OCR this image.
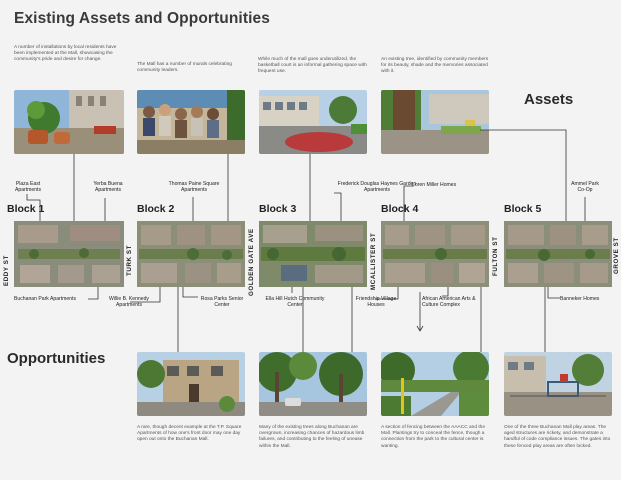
Existing Assets and Opportunities
A number of installations by local residents have been implemented at the Mall, showcasing the community's pride and desire for change.
The Mall has a number of murals celebrating community leaders.
While much of the mall goes underutilized, the basketball court is an informal gathering space with frequent use.
An existing tree, identified by community members for its beauty, shade and the memories associated with it.
Assets
Plaza East Apartments
Yerba Buena Apartments
Thomas Paine Square Apartments
Frederick Douglas Haynes Garden Apartments
Loren Miller Homes	Ammel Park Co-Op
Block 1	Block 2	Block 3	Block 4	Block 5
EDDY ST	TURK ST	GOLDEN GATE AVE	MCALLISTER ST	FULTON ST	GROVE ST
Buchanan Park Apartments	Willie B. Kennedy Apartments
Rosa Parks Senior Center
Ella Hill Hutch Community Center
Friendship Village Houses
African American Arts & Culture Complex
Banneker Homes
Opportunities
A rare, though decent example at the T.P. Square Apartments of how one's front door may one day open out onto the Buchanan Mall.
Many of the existing trees along Buchanan are overgrown, increasing chances of hazardous limb failures, and contributing to the feeling of unease within the Mall.
A section of fencing between the AAACC and the Mall. Plantings try to conceal the fence, though a connection from the park to the cultural center is wanting.
One of the three Buchanan Mall play areas. The aged structures are rickety, and demonstrate a handful of code compliance issues. The gates into these fenced play areas are often locked.
